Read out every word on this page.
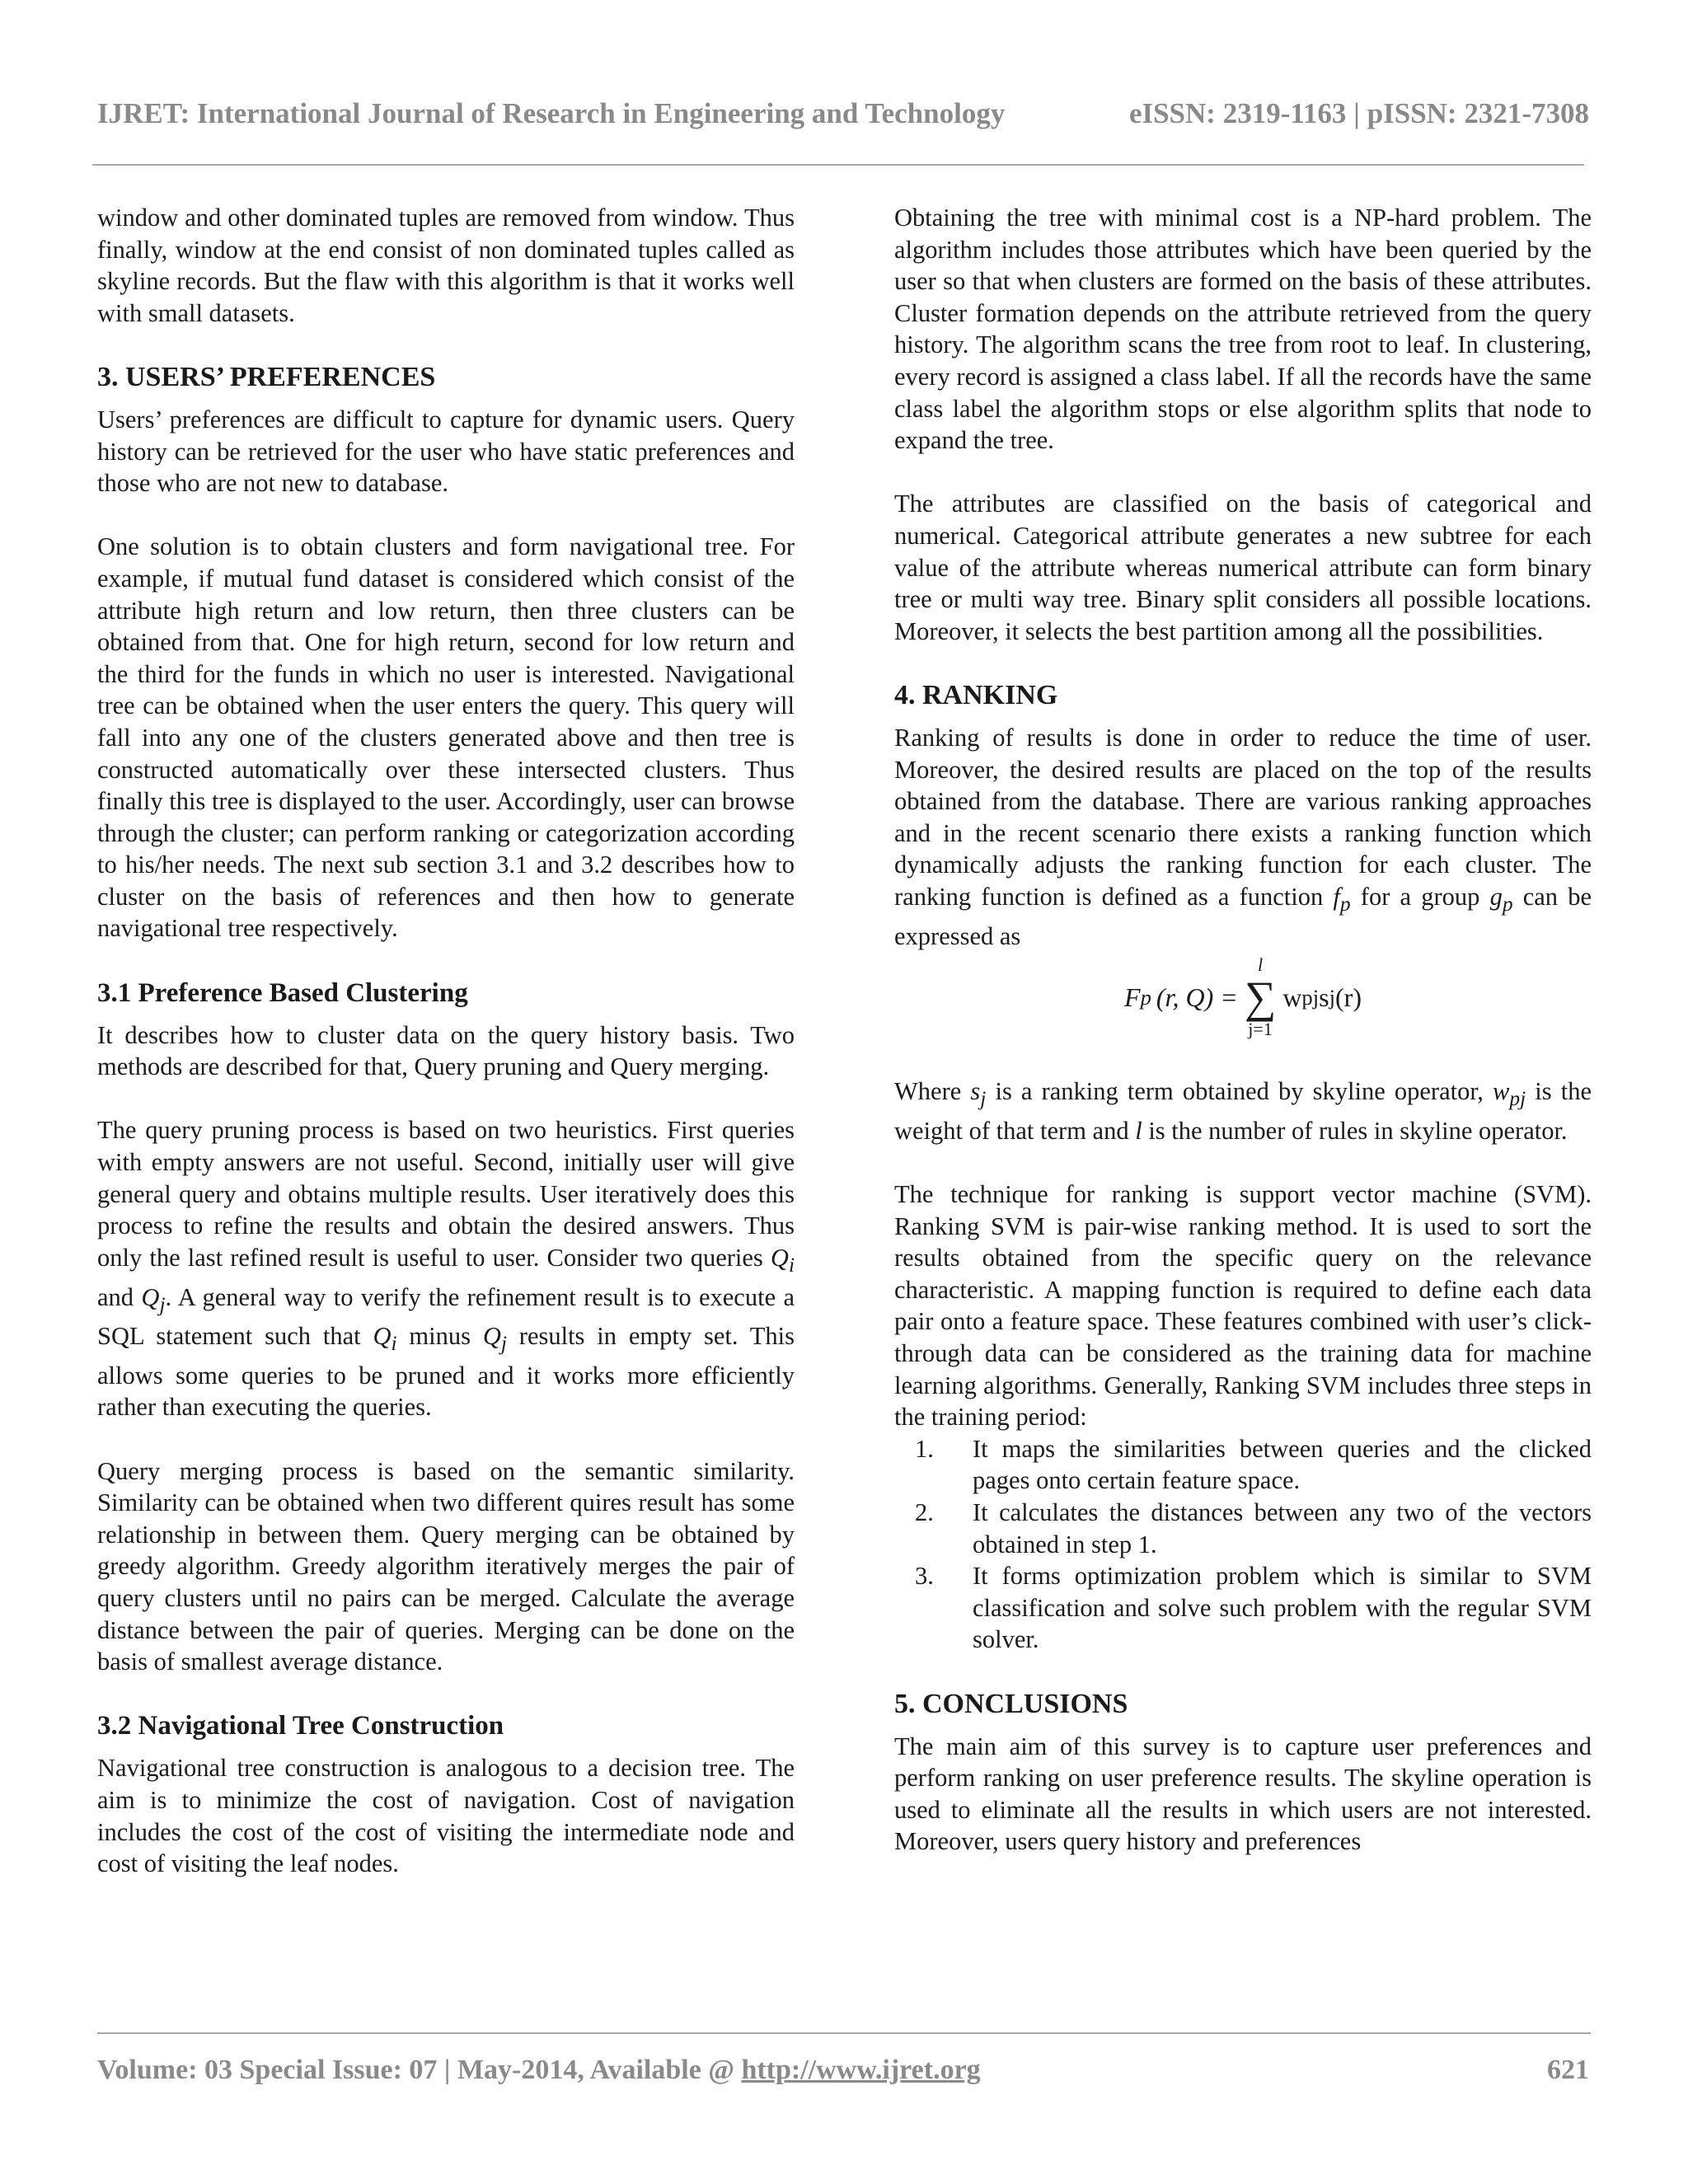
IJRET: International Journal of Research in Engineering and Technology	eISSN: 2319-1163 | pISSN: 2321-7308

window and other dominated tuples are removed from window. Thus finally, window at the end consist of non dominated tuples called as skyline records. But the flaw with this algorithm is that it works well with small datasets.

3. USERS’ PREFERENCES

Users’ preferences are difficult to capture for dynamic users. Query history can be retrieved for the user who have static preferences and those who are not new to database.

One solution is to obtain clusters and form navigational tree. For example, if mutual fund dataset is considered which consist of the attribute high return and low return, then three clusters can be obtained from that. One for high return, second for low return and the third for the funds in which no user is interested. Navigational tree can be obtained when the user enters the query. This query will fall into any one of the clusters generated above and then tree is constructed automatically over these intersected clusters. Thus finally this tree is displayed to the user. Accordingly, user can browse through the cluster; can perform ranking or categorization according to his/her needs. The next sub section 3.1 and 3.2 describes how to cluster on the basis of references and then how to generate navigational tree respectively.

3.1 Preference Based Clustering

It describes how to cluster data on the query history basis. Two methods are described for that, Query pruning and Query merging.

The query pruning process is based on two heuristics. First queries with empty answers are not useful. Second, initially user will give general query and obtains multiple results. User iteratively does this process to refine the results and obtain the desired answers. Thus only the last refined result is useful to user. Consider two queries $Q_i$ and $Q_j$. A general way to verify the refinement result is to execute a SQL statement such that $Q_i$ minus $Q_j$ results in empty set. This allows some queries to be pruned and it works more efficiently rather than executing the queries.

Query merging process is based on the semantic similarity. Similarity can be obtained when two different quires result has some relationship in between them. Query merging can be obtained by greedy algorithm. Greedy algorithm iteratively merges the pair of query clusters until no pairs can be merged. Calculate the average distance between the pair of queries. Merging can be done on the basis of smallest average distance.

3.2 Navigational Tree Construction

Navigational tree construction is analogous to a decision tree. The aim is to minimize the cost of navigation. Cost of navigation includes the cost of the cost of visiting the intermediate node and cost of visiting the leaf nodes.

Obtaining the tree with minimal cost is a NP-hard problem. The algorithm includes those attributes which have been queried by the user so that when clusters are formed on the basis of these attributes. Cluster formation depends on the attribute retrieved from the query history. The algorithm scans the tree from root to leaf. In clustering, every record is assigned a class label. If all the records have the same class label the algorithm stops or else algorithm splits that node to expand the tree.

The attributes are classified on the basis of categorical and numerical. Categorical attribute generates a new subtree for each value of the attribute whereas numerical attribute can form binary tree or multi way tree. Binary split considers all possible locations. Moreover, it selects the best partition among all the possibilities.

4. RANKING

Ranking of results is done in order to reduce the time of user. Moreover, the desired results are placed on the top of the results obtained from the database. There are various ranking approaches and in the recent scenario there exists a ranking function which dynamically adjusts the ranking function for each cluster. The ranking function is defined as a function $f_p$ for a group $g_p$ can be expressed as

F p (r, Q) =
l
∑
j=1
w pj s j (r)

Where $s_j$ is a ranking term obtained by skyline operator, $w_{pj}$ is the weight of that term and l is the number of rules in skyline operator.

The technique for ranking is support vector machine (SVM). Ranking SVM is pair-wise ranking method. It is used to sort the results obtained from the specific query on the relevance characteristic. A mapping function is required to define each data pair onto a feature space. These features combined with user’s click-through data can be considered as the training data for machine learning algorithms. Generally, Ranking SVM includes three steps in the training period:

1.	It maps the similarities between queries and the clicked pages onto certain feature space.
2.	It calculates the distances between any two of the vectors obtained in step 1.
3.	It forms optimization problem which is similar to SVM classification and solve such problem with the regular SVM solver.
5. CONCLUSIONS

The main aim of this survey is to capture user preferences and perform ranking on user preference results. The skyline operation is used to eliminate all the results in which users are not interested. Moreover, users query history and preferences

Volume: 03 Special Issue: 07 | May-2014, Available @ http://www.ijret.org	621
